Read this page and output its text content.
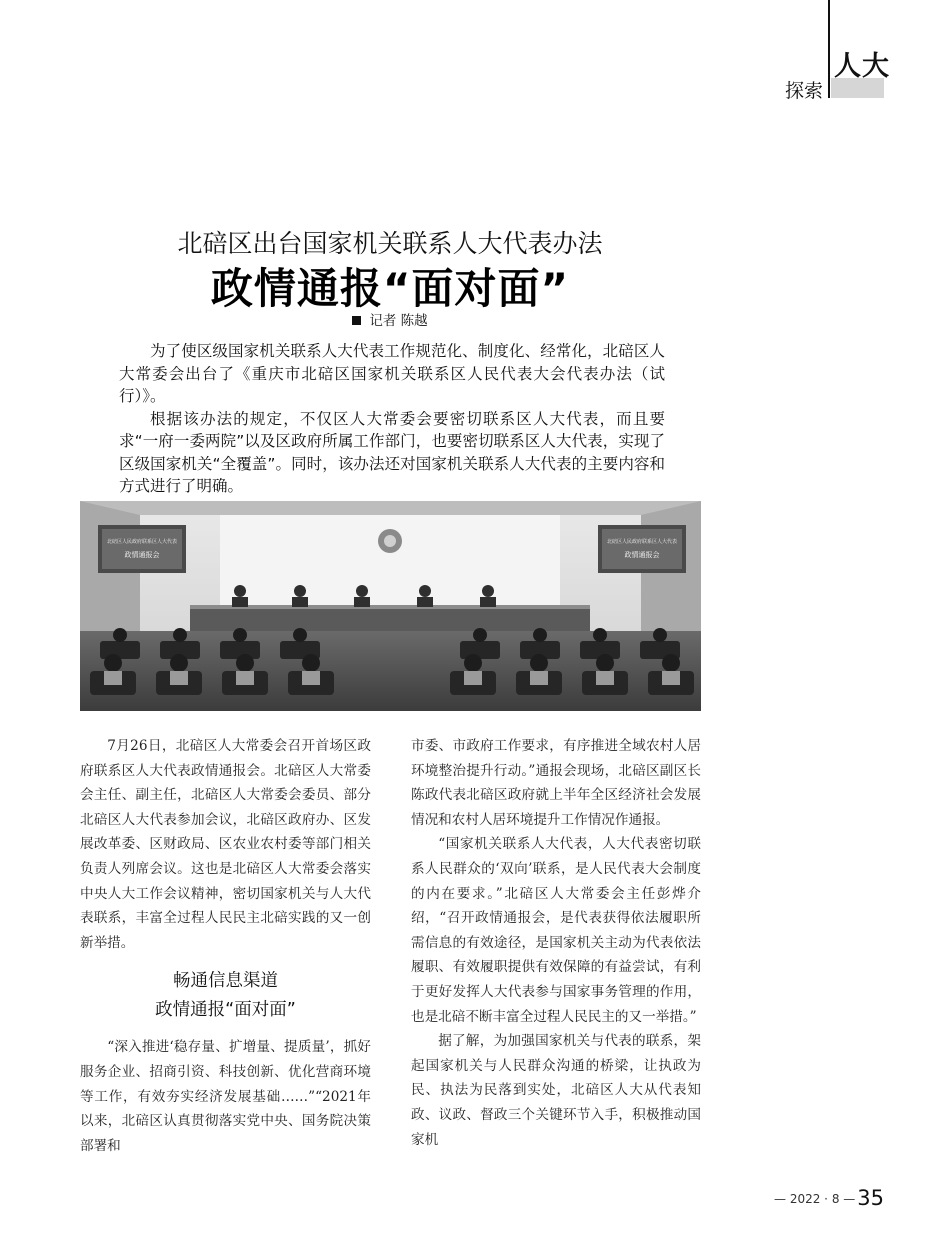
人大
探索
北碚区出台国家机关联系人大代表办法
政情通报“面对面”
记者 陈越

为了使区级国家机关联系人大代表工作规范化、制度化、经常化，北碚区人大常委会出台了《重庆市北碚区国家机关联系区人民代表大会代表办法（试行）》。

根据该办法的规定，不仅区人大常委会要密切联系区人大代表，而且要求“一府一委两院”以及区政府所属工作部门，也要密切联系区人大代表，实现了区级国家机关“全覆盖”。同时，该办法还对国家机关联系人大代表的主要内容和方式进行了明确。

北碚区人民政府联系区人大代表
政情通报会
北碚区人民政府联系区人大代表
政情通报会

7月26日，北碚区人大常委会召开首场区政府联系区人大代表政情通报会。北碚区人大常委会主任、副主任，北碚区人大常委会委员、部分北碚区人大代表参加会议，北碚区政府办、区发展改革委、区财政局、区农业农村委等部门相关负责人列席会议。这也是北碚区人大常委会落实中央人大工作会议精神，密切国家机关与人大代表联系，丰富全过程人民民主北碚实践的又一创新举措。

畅通信息渠道
政情通报“面对面”

“深入推进‘稳存量、扩增量、提质量’，抓好服务企业、招商引资、科技创新、优化营商环境等工作，有效夯实经济发展基础……”“2021年以来，北碚区认真贯彻落实党中央、国务院决策部署和

市委、市政府工作要求，有序推进全域农村人居环境整治提升行动。”通报会现场，北碚区副区长陈政代表北碚区政府就上半年全区经济社会发展情况和农村人居环境提升工作情况作通报。

“国家机关联系人大代表，人大代表密切联系人民群众的‘双向’联系，是人民代表大会制度的内在要求。”北碚区人大常委会主任彭烨介绍，“召开政情通报会，是代表获得依法履职所需信息的有效途径，是国家机关主动为代表依法履职、有效履职提供有效保障的有益尝试，有利于更好发挥人大代表参与国家事务管理的作用，也是北碚不断丰富全过程人民民主的又一举措。”

据了解，为加强国家机关与代表的联系，架起国家机关与人民群众沟通的桥梁，让执政为民、执法为民落到实处，北碚区人大从代表知政、议政、督政三个关键环节入手，积极推动国家机

— 2022 · 8 —35
